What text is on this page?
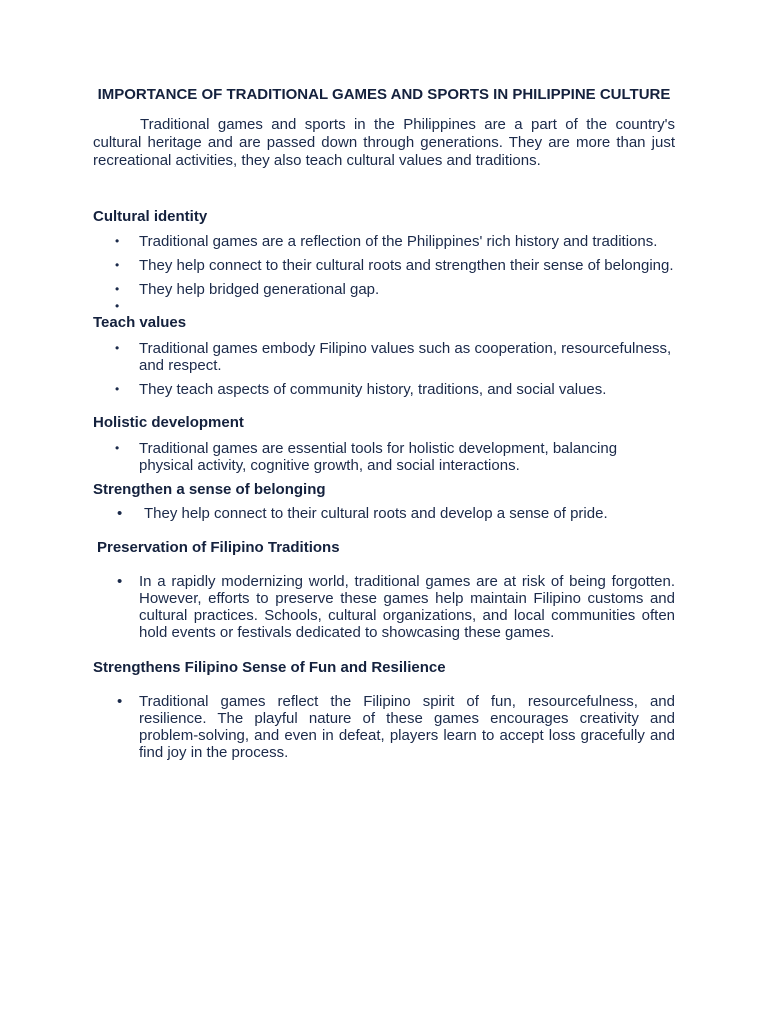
IMPORTANCE OF TRADITIONAL GAMES AND SPORTS IN PHILIPPINE CULTURE

Traditional games and sports in the Philippines are a part of the country's cultural heritage and are passed down through generations. They are more than just recreational activities, they also teach cultural values and traditions.

Cultural identity

• Traditional games are a reflection of the Philippines' rich history and traditions.
• They help connect to their cultural roots and strengthen their sense of belonging.
• They help bridged generational gap.
•

Teach values

• Traditional games embody Filipino values such as cooperation, resourcefulness, and respect.
• They teach aspects of community history, traditions, and social values.

Holistic development

• Traditional games are essential tools for holistic development, balancing physical activity, cognitive growth, and social interactions.

Strengthen a sense of belonging

• They help connect to their cultural roots and develop a sense of pride.

Preservation of Filipino Traditions

• In a rapidly modernizing world, traditional games are at risk of being forgotten. However, efforts to preserve these games help maintain Filipino customs and cultural practices. Schools, cultural organizations, and local communities often hold events or festivals dedicated to showcasing these games.

Strengthens Filipino Sense of Fun and Resilience

• Traditional games reflect the Filipino spirit of fun, resourcefulness, and resilience. The playful nature of these games encourages creativity and problem-solving, and even in defeat, players learn to accept loss gracefully and find joy in the process.
